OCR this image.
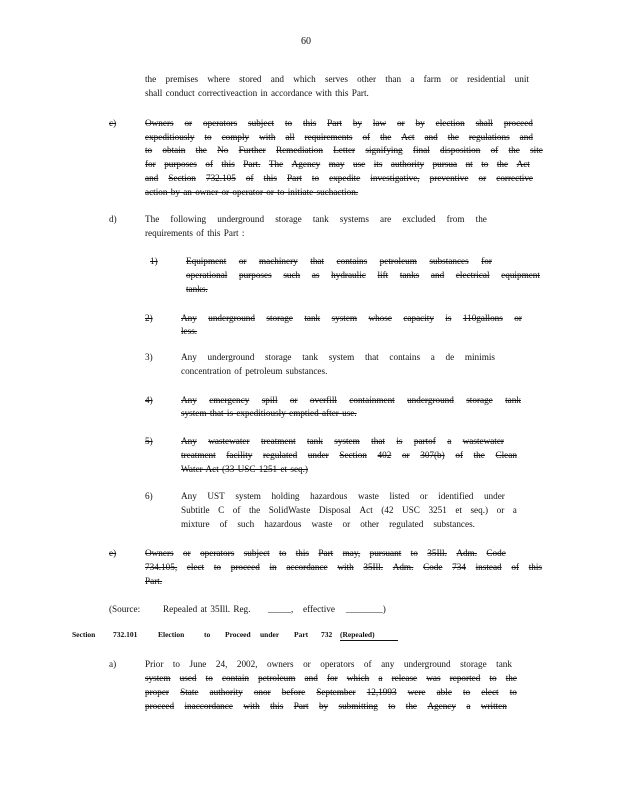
60
the premises where stored and which serves other than a farm or residential unit
shall conduct correctiveaction in accordance with this Part.
c)	Owners or operators subject to this Part by law or by election shall proceed
expeditiously to comply with all requirements of the Act and the regulations and
to obtain the No Further Remediation Letter signifying final disposition of the site
for purposes of this Part. The Agency may use its authority pursua nt to the Act
and Section 732.105 of this Part to expedite investigative, preventive or corrective
action by an owner or operator or to initiate suchaction.
d)	The following underground storage tank systems are excluded from the
requirements of this Part :
1)	Equipment or machinery that contains petroleum substances for
operational purposes such as hydraulic lift tanks and electrical equipment
tanks.
2)	Any underground storage tank system whose capacity is 110gallons or
less.
3)	Any underground storage tank system that contains a de minimis
concentration of petroleum substances.
4)	Any emergency spill or overfill containment underground storage tank
system that is expeditiously emptied after use.
5)	Any wastewater treatment tank system that is partof a wastewater
treatment facility regulated under Section 402 or 307(b) of the Clean
Water Act (33 USC 1251 et seq.)
6)	Any UST system holding hazardous waste listed or identified under
Subtitle C of the SolidWaste Disposal Act (42 USC 3251 et seq.) or a
mixture of such hazardous waste or other regulated substances.
e)	Owners or operators subject to this Part may, pursuant to 35Ill. Adm. Code
734.105, elect to proceed in accordance with 35Ill. Adm. Code 734 instead of this
Part.
(Source: Repealed at 35Ill. Reg. _____, effective ________)
Section 732.101	Election	to Proceed under Part 732 (Repealed)
a)	Prior to June 24, 2002, owners or operators of any underground storage tank
system used to contain petroleum and for which a release was reported to the
proper State authority onor before September 12,1993 were able to elect to
proceed inaccordance with this Part by submitting to the Agency a written
